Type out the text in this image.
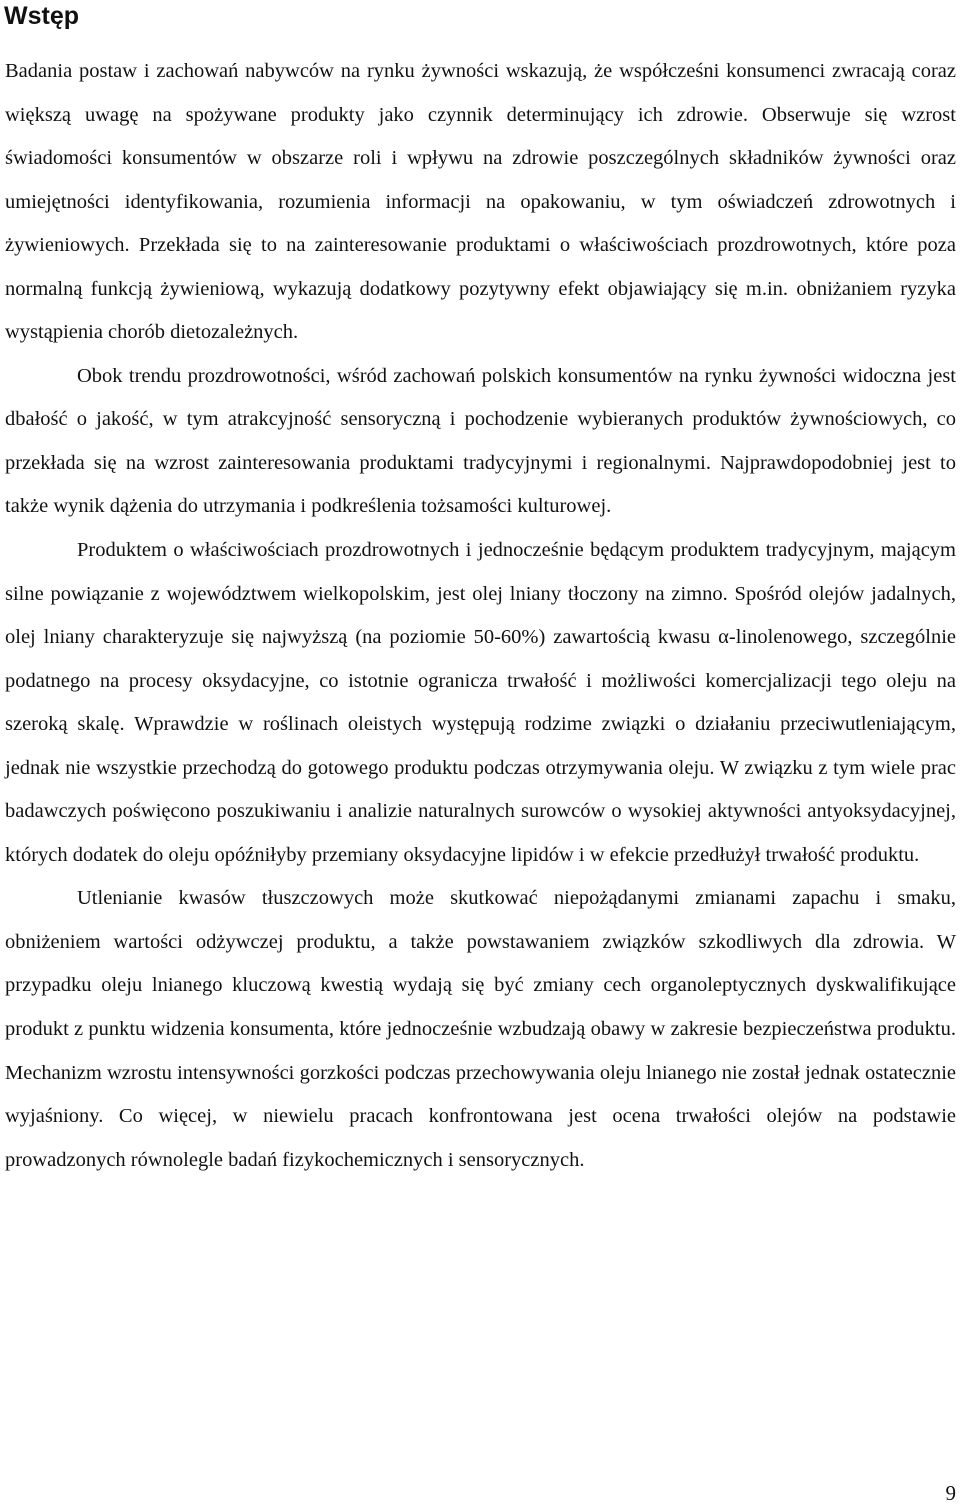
Wstęp

Badania postaw i zachowań nabywców na rynku żywności wskazują, że współcześni konsumenci zwracają coraz większą uwagę na spożywane produkty jako czynnik determinujący ich zdrowie. Obserwuje się wzrost świadomości konsumentów w obszarze roli i wpływu na zdrowie poszczególnych składników żywności oraz umiejętności identyfikowania, rozumienia informacji na opakowaniu, w tym oświadczeń zdrowotnych i żywieniowych. Przekłada się to na zainteresowanie produktami o właściwościach prozdrowotnych, które poza normalną funkcją żywieniową, wykazują dodatkowy pozytywny efekt objawiający się m.in. obniżaniem ryzyka wystąpienia chorób dietozależnych.

Obok trendu prozdrowotności, wśród zachowań polskich konsumentów na rynku żywności widoczna jest dbałość o jakość, w tym atrakcyjność sensoryczną i pochodzenie wybieranych produktów żywnościowych, co przekłada się na wzrost zainteresowania produktami tradycyjnymi i regionalnymi. Najprawdopodobniej jest to także wynik dążenia do utrzymania i podkreślenia tożsamości kulturowej.

Produktem o właściwościach prozdrowotnych i jednocześnie będącym produktem tradycyjnym, mającym silne powiązanie z województwem wielkopolskim, jest olej lniany tłoczony na zimno. Spośród olejów jadalnych, olej lniany charakteryzuje się najwyższą (na poziomie 50-60%) zawartością kwasu α-linolenowego, szczególnie podatnego na procesy oksydacyjne, co istotnie ogranicza trwałość i możliwości komercjalizacji tego oleju na szeroką skalę. Wprawdzie w roślinach oleistych występują rodzime związki o działaniu przeciwutleniającym, jednak nie wszystkie przechodzą do gotowego produktu podczas otrzymywania oleju. W związku z tym wiele prac badawczych poświęcono poszukiwaniu i analizie naturalnych surowców o wysokiej aktywności antyoksydacyjnej, których dodatek do oleju opóźniłyby przemiany oksydacyjne lipidów i w efekcie przedłużył trwałość produktu.

Utlenianie kwasów tłuszczowych może skutkować niepożądanymi zmianami zapachu i smaku, obniżeniem wartości odżywczej produktu, a także powstawaniem związków szkodliwych dla zdrowia. W przypadku oleju lnianego kluczową kwestią wydają się być zmiany cech organoleptycznych dyskwalifikujące produkt z punktu widzenia konsumenta, które jednocześnie wzbudzają obawy w zakresie bezpieczeństwa produktu. Mechanizm wzrostu intensywności gorzkości podczas przechowywania oleju lnianego nie został jednak ostatecznie wyjaśniony. Co więcej, w niewielu pracach konfrontowana jest ocena trwałości olejów na podstawie prowadzonych równolegle badań fizykochemicznych i sensorycznych.

9
